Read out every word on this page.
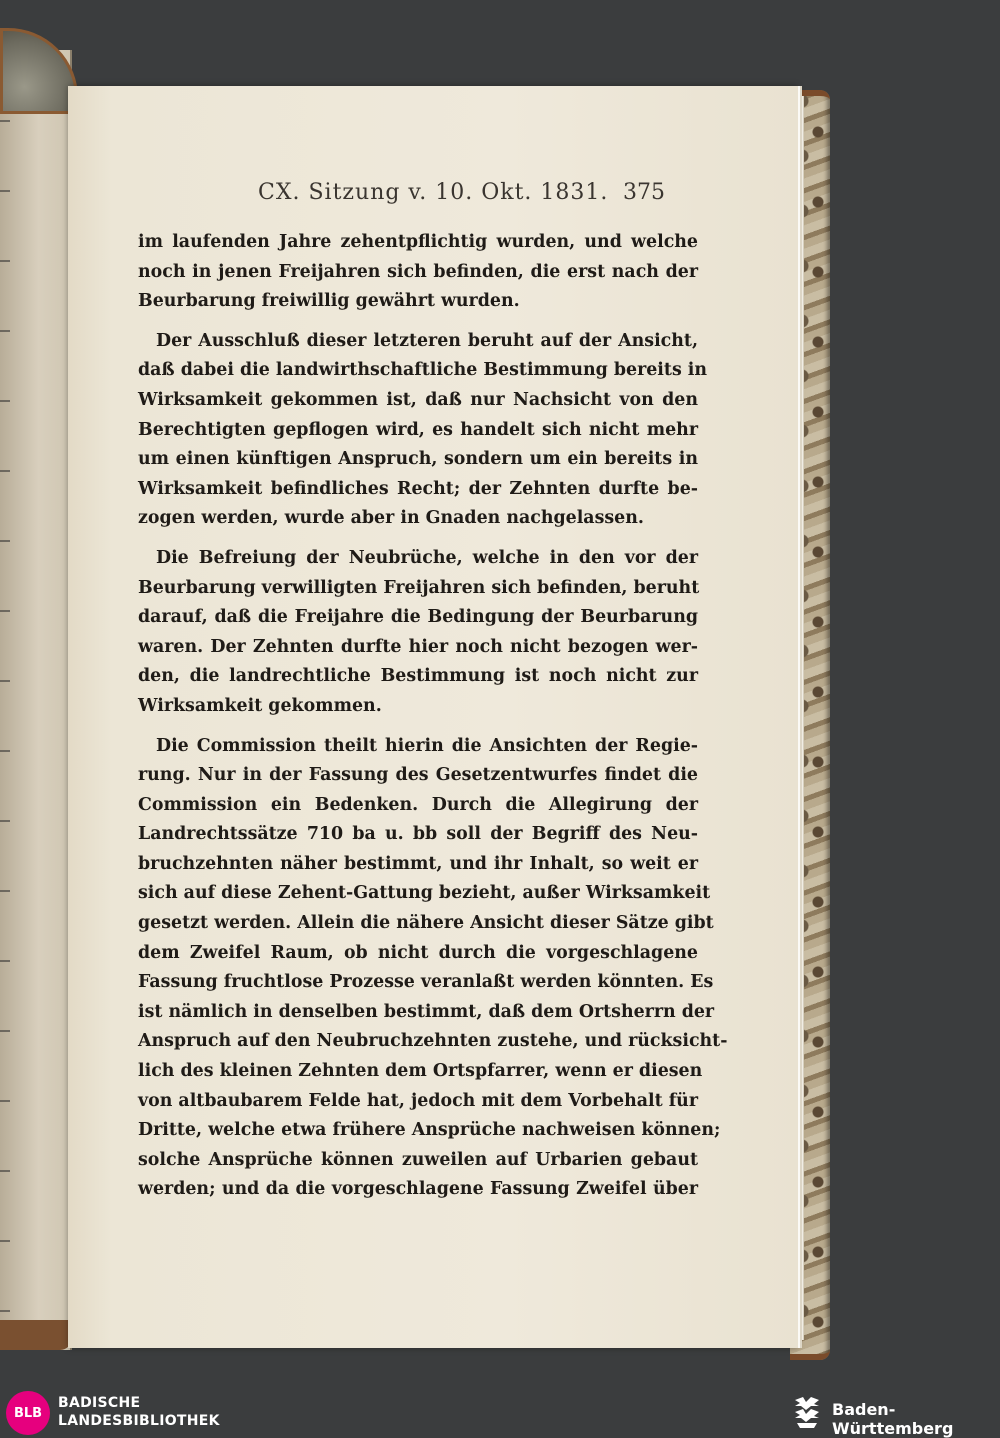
CX. Sitzung v. 10. Okt. 1831. 375
im laufenden Jahre zehentpflichtig wurden, und welche
noch in jenen Freijahren sich befinden, die erst nach der
Beurbarung freiwillig gewährt wurden.
Der Ausschluß dieser letzteren beruht auf der Ansicht,
daß dabei die landwirthschaftliche Bestimmung bereits in
Wirksamkeit gekommen ist, daß nur Nachsicht von den
Berechtigten gepflogen wird, es handelt sich nicht mehr
um einen künftigen Anspruch, sondern um ein bereits in
Wirksamkeit befindliches Recht; der Zehnten durfte be-
zogen werden, wurde aber in Gnaden nachgelassen.
Die Befreiung der Neubrüche, welche in den vor der
Beurbarung verwilligten Freijahren sich befinden, beruht
darauf, daß die Freijahre die Bedingung der Beurbarung
waren. Der Zehnten durfte hier noch nicht bezogen wer-
den, die landrechtliche Bestimmung ist noch nicht zur
Wirksamkeit gekommen.
Die Commission theilt hierin die Ansichten der Regie-
rung. Nur in der Fassung des Gesetzentwurfes findet die
Commission ein Bedenken. Durch die Allegirung der
Landrechtssätze 710 ba u. bb soll der Begriff des Neu-
bruchzehnten näher bestimmt, und ihr Inhalt, so weit er
sich auf diese Zehent-Gattung bezieht, außer Wirksamkeit
gesetzt werden. Allein die nähere Ansicht dieser Sätze gibt
dem Zweifel Raum, ob nicht durch die vorgeschlagene
Fassung fruchtlose Prozesse veranlaßt werden könnten. Es
ist nämlich in denselben bestimmt, daß dem Ortsherrn der
Anspruch auf den Neubruchzehnten zustehe, und rücksicht-
lich des kleinen Zehnten dem Ortspfarrer, wenn er diesen
von altbaubarem Felde hat, jedoch mit dem Vorbehalt für
Dritte, welche etwa frühere Ansprüche nachweisen können;
solche Ansprüche können zuweilen auf Urbarien gebaut
werden; und da die vorgeschlagene Fassung Zweifel über
BLB
BADISCHE
LANDESBIBLIOTHEK
Baden-Württemberg
